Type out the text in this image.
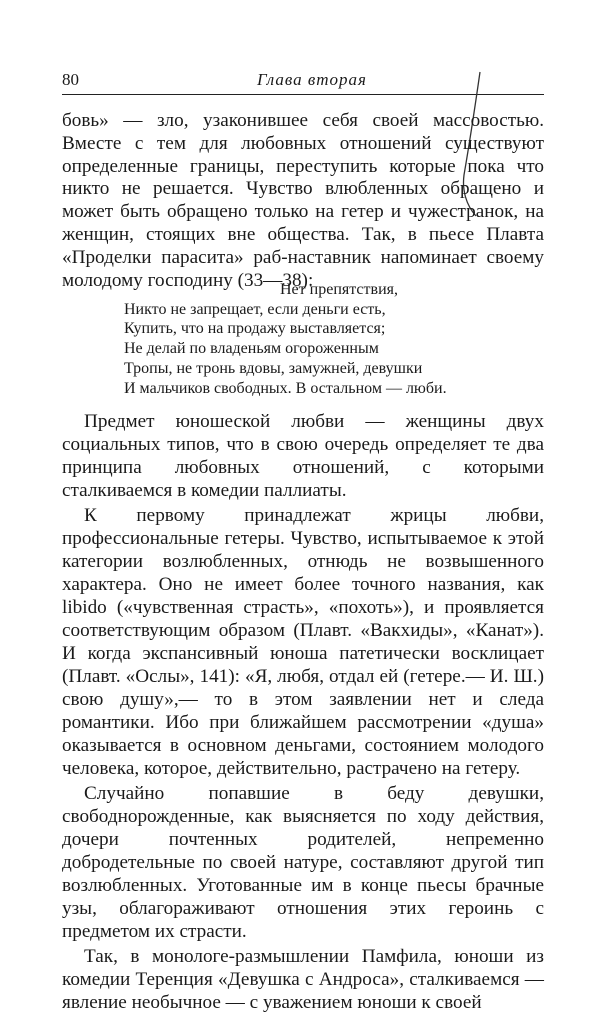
80	Глава вторая

бовь» — зло, узаконившее себя своей массовостью. Вместе с тем для любовных отношений существуют определенные границы, переступить которые пока что никто не решается. Чувство влюбленных обращено и может быть обращено только на гетер и чужестранок, на женщин, стоящих вне общества. Так, в пьесе Плавта «Проделки парасита» раб-наставник напоминает своему молодому господину (33—38):

Нет препятствия,
Никто не запрещает, если деньги есть,
Купить, что на продажу выставляется;
Не делай по владеньям огороженным
Тропы, не тронь вдовы, замужней, девушки
И мальчиков свободных. В остальном — люби.

Предмет юношеской любви — женщины двух социальных типов, что в свою очередь определяет те два принципа любовных отношений, с которыми сталкиваемся в комедии паллиаты.

К первому принадлежат жрицы любви, профессиональные гетеры. Чувство, испытываемое к этой категории возлюбленных, отнюдь не возвышенного характера. Оно не имеет более точного названия, как libido («чувственная страсть», «похоть»), и проявляется соответствующим образом (Плавт. «Вакхиды», «Канат»). И когда экспансивный юноша патетически восклицает (Плавт. «Ослы», 141): «Я, любя, отдал ей (гетере.— И. Ш.) свою душу»,— то в этом заявлении нет и следа романтики. Ибо при ближайшем рассмотрении «душа» оказывается в основном деньгами, состоянием молодого человека, которое, действительно, растрачено на гетеру.

Случайно попавшие в беду девушки, свободнорожденные, как выясняется по ходу действия, дочери почтенных родителей, непременно добродетельные по своей натуре, составляют другой тип возлюбленных. Уготованные им в конце пьесы брачные узы, облагораживают отношения этих героинь с предметом их страсти.

Так, в монологе-размышлении Памфила, юноши из комедии Теренция «Девушка с Андроса», сталкиваемся — явление необычное — с уважением юноши к своей
